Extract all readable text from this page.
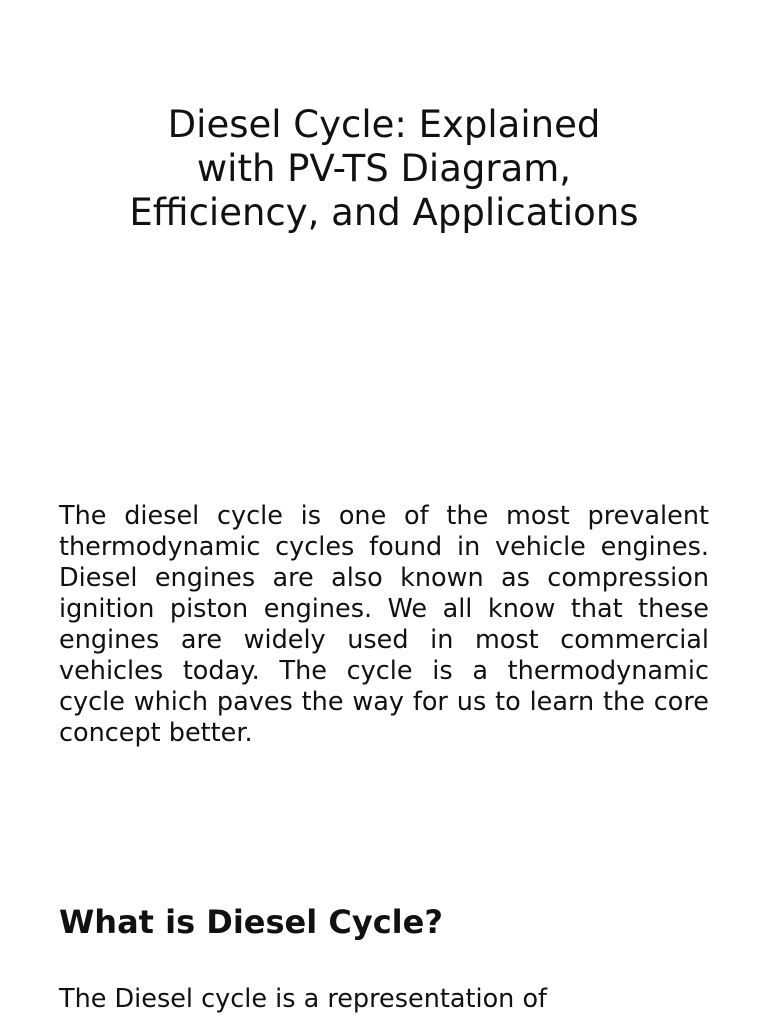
Diesel Cycle: Explained
with PV-TS Diagram,
Efficiency, and Applications

The diesel cycle is one of the most prevalent thermodynamic cycles found in vehicle engines. Diesel engines are also known as compression ignition piston engines. We all know that these engines are widely used in most commercial vehicles today. The cycle is a thermodynamic cycle which paves the way for us to learn the core concept better.

What is Diesel Cycle?

The Diesel cycle is a representation of
